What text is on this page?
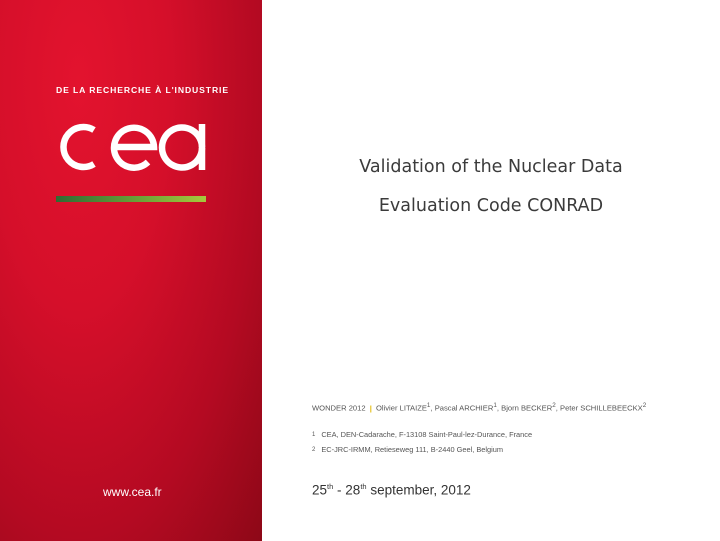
DE LA RECHERCHE À L'INDUSTRIE
www.cea.fr
Validation of the Nuclear Data
Evaluation Code CONRAD
WONDER 2012 | Olivier LITAIZE$^1$, Pascal ARCHIER$^1$, Bjorn BECKER$^2$, Peter SCHILLEBEECKX$^2$
1 CEA, DEN-Cadarache, F-13108 Saint-Paul-lez-Durance, France
2 EC-JRC-IRMM, Retieseweg 111, B-2440 Geel, Belgium
25th - 28th september, 2012
